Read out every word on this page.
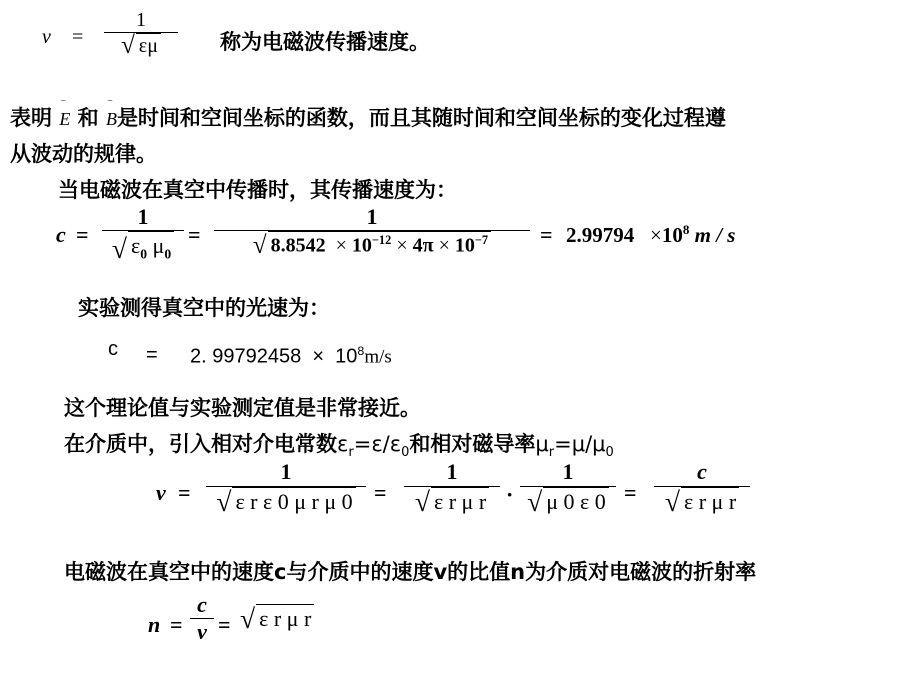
v =
1
√ εμ	称为电磁波传播速度。
表明 ‾
E 和 ‾
B是时间和空间坐标的函数，而且其随时间和空间坐标的变化过程遵
从波动的规律。
当电磁波在真空中传播时，其传播速度为：
c =
1
√ $\varepsilon_0$ $\mu_0$
=
1
√ $8.8542 \times 10^{-12} \times 4\pi \times 10^{-7} = 2.99794 \times 10^8$ m / s
实验测得真空中的光速为：
c = 2. $99792458 \times 10^8m/s$
这个理论值与实验测定值是非常接近。
在介质中，引入相对介电常数$\varepsilon_r=\varepsilon/\varepsilon_0$和相对磁导率$\mu_r=\mu/\mu_0$
v =
1
√ ε r ε 0 μ r μ 0 =
1
√ ε r μ r ·
1
√ μ 0 ε 0 =
c
√ ε r μ r
电磁波在真空中的速度c与介质中的速度v的比值n为介质对电磁波的折射率
n =
c
v = √ ε r μ r
